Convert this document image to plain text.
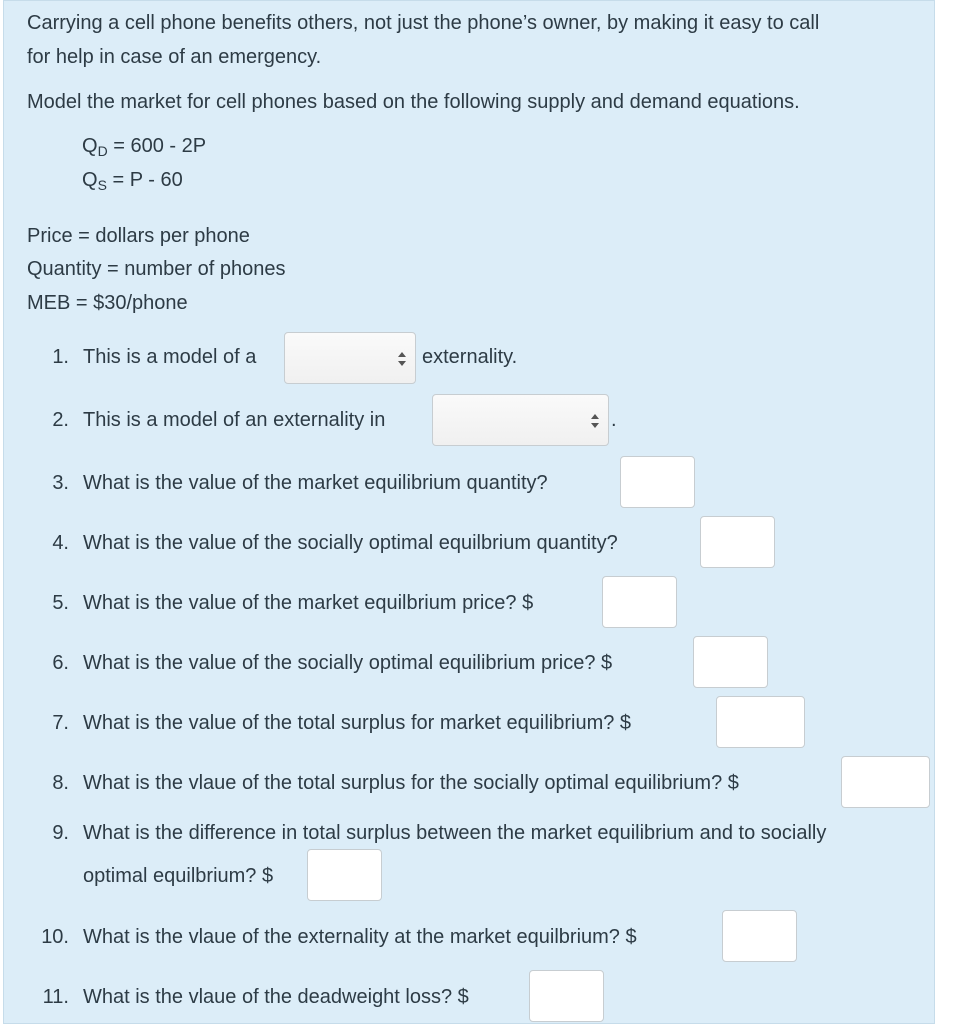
Carrying a cell phone benefits others, not just the phone’s owner, by making it easy to call
for help in case of an emergency.
Model the market for cell phones based on the following supply and demand equations.
$Q_D = 600 - 2P$
$Q_S = P - 60$
Price = dollars per phone
Quantity = number of phones
MEB = $30/phone
1. This is a model of a	externality.
2. This is a model of an externality in	.
3. What is the value of the market equilibrium quantity?
4. What is the value of the socially optimal equilbrium quantity?
5. What is the value of the market equilbrium price? $
6. What is the value of the socially optimal equilibrium price? $
7. What is the value of the total surplus for market equilibrium? $
8. What is the vlaue of the total surplus for the socially optimal equilibrium? $
9. What is the difference in total surplus between the market equilibrium and to socially
optimal equilbrium? $
10. What is the vlaue of the externality at the market equilbrium? $
11. What is the vlaue of the deadweight loss? $
